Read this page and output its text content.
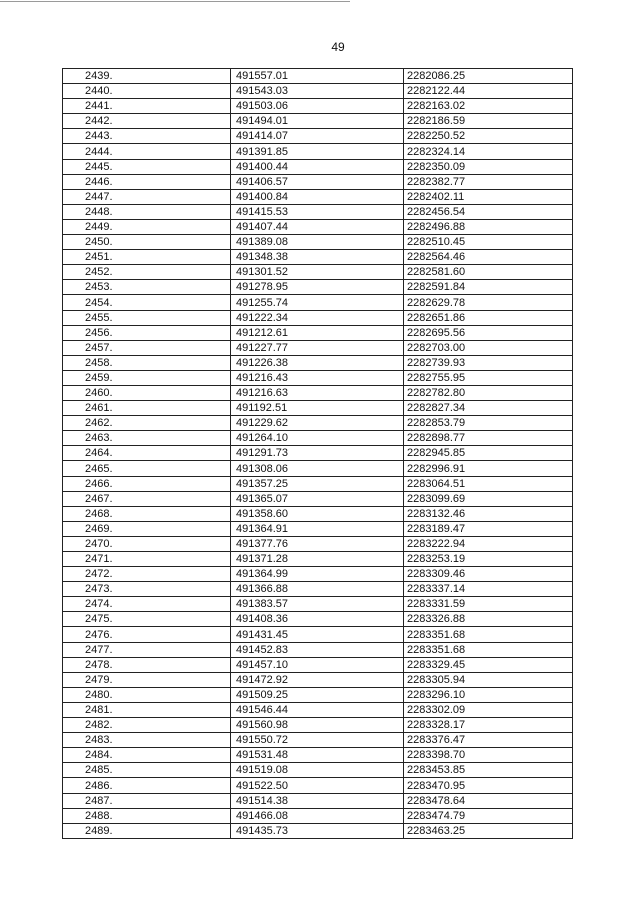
49
2439.	491557.01	2282086.25
2440.	491543.03	2282122.44
2441.	491503.06	2282163.02
2442.	491494.01	2282186.59
2443.	491414.07	2282250.52
2444.	491391.85	2282324.14
2445.	491400.44	2282350.09
2446.	491406.57	2282382.77
2447.	491400.84	2282402.11
2448.	491415.53	2282456.54
2449.	491407.44	2282496.88
2450.	491389.08	2282510.45
2451.	491348.38	2282564.46
2452.	491301.52	2282581.60
2453.	491278.95	2282591.84
2454.	491255.74	2282629.78
2455.	491222.34	2282651.86
2456.	491212.61	2282695.56
2457.	491227.77	2282703.00
2458.	491226.38	2282739.93
2459.	491216.43	2282755.95
2460.	491216.63	2282782.80
2461.	491192.51	2282827.34
2462.	491229.62	2282853.79
2463.	491264.10	2282898.77
2464.	491291.73	2282945.85
2465.	491308.06	2282996.91
2466.	491357.25	2283064.51
2467.	491365.07	2283099.69
2468.	491358.60	2283132.46
2469.	491364.91	2283189.47
2470.	491377.76	2283222.94
2471.	491371.28	2283253.19
2472.	491364.99	2283309.46
2473.	491366.88	2283337.14
2474.	491383.57	2283331.59
2475.	491408.36	2283326.88
2476.	491431.45	2283351.68
2477.	491452.83	2283351.68
2478.	491457.10	2283329.45
2479.	491472.92	2283305.94
2480.	491509.25	2283296.10
2481.	491546.44	2283302.09
2482.	491560.98	2283328.17
2483.	491550.72	2283376.47
2484.	491531.48	2283398.70
2485.	491519.08	2283453.85
2486.	491522.50	2283470.95
2487.	491514.38	2283478.64
2488.	491466.08	2283474.79
2489.	491435.73	2283463.25
